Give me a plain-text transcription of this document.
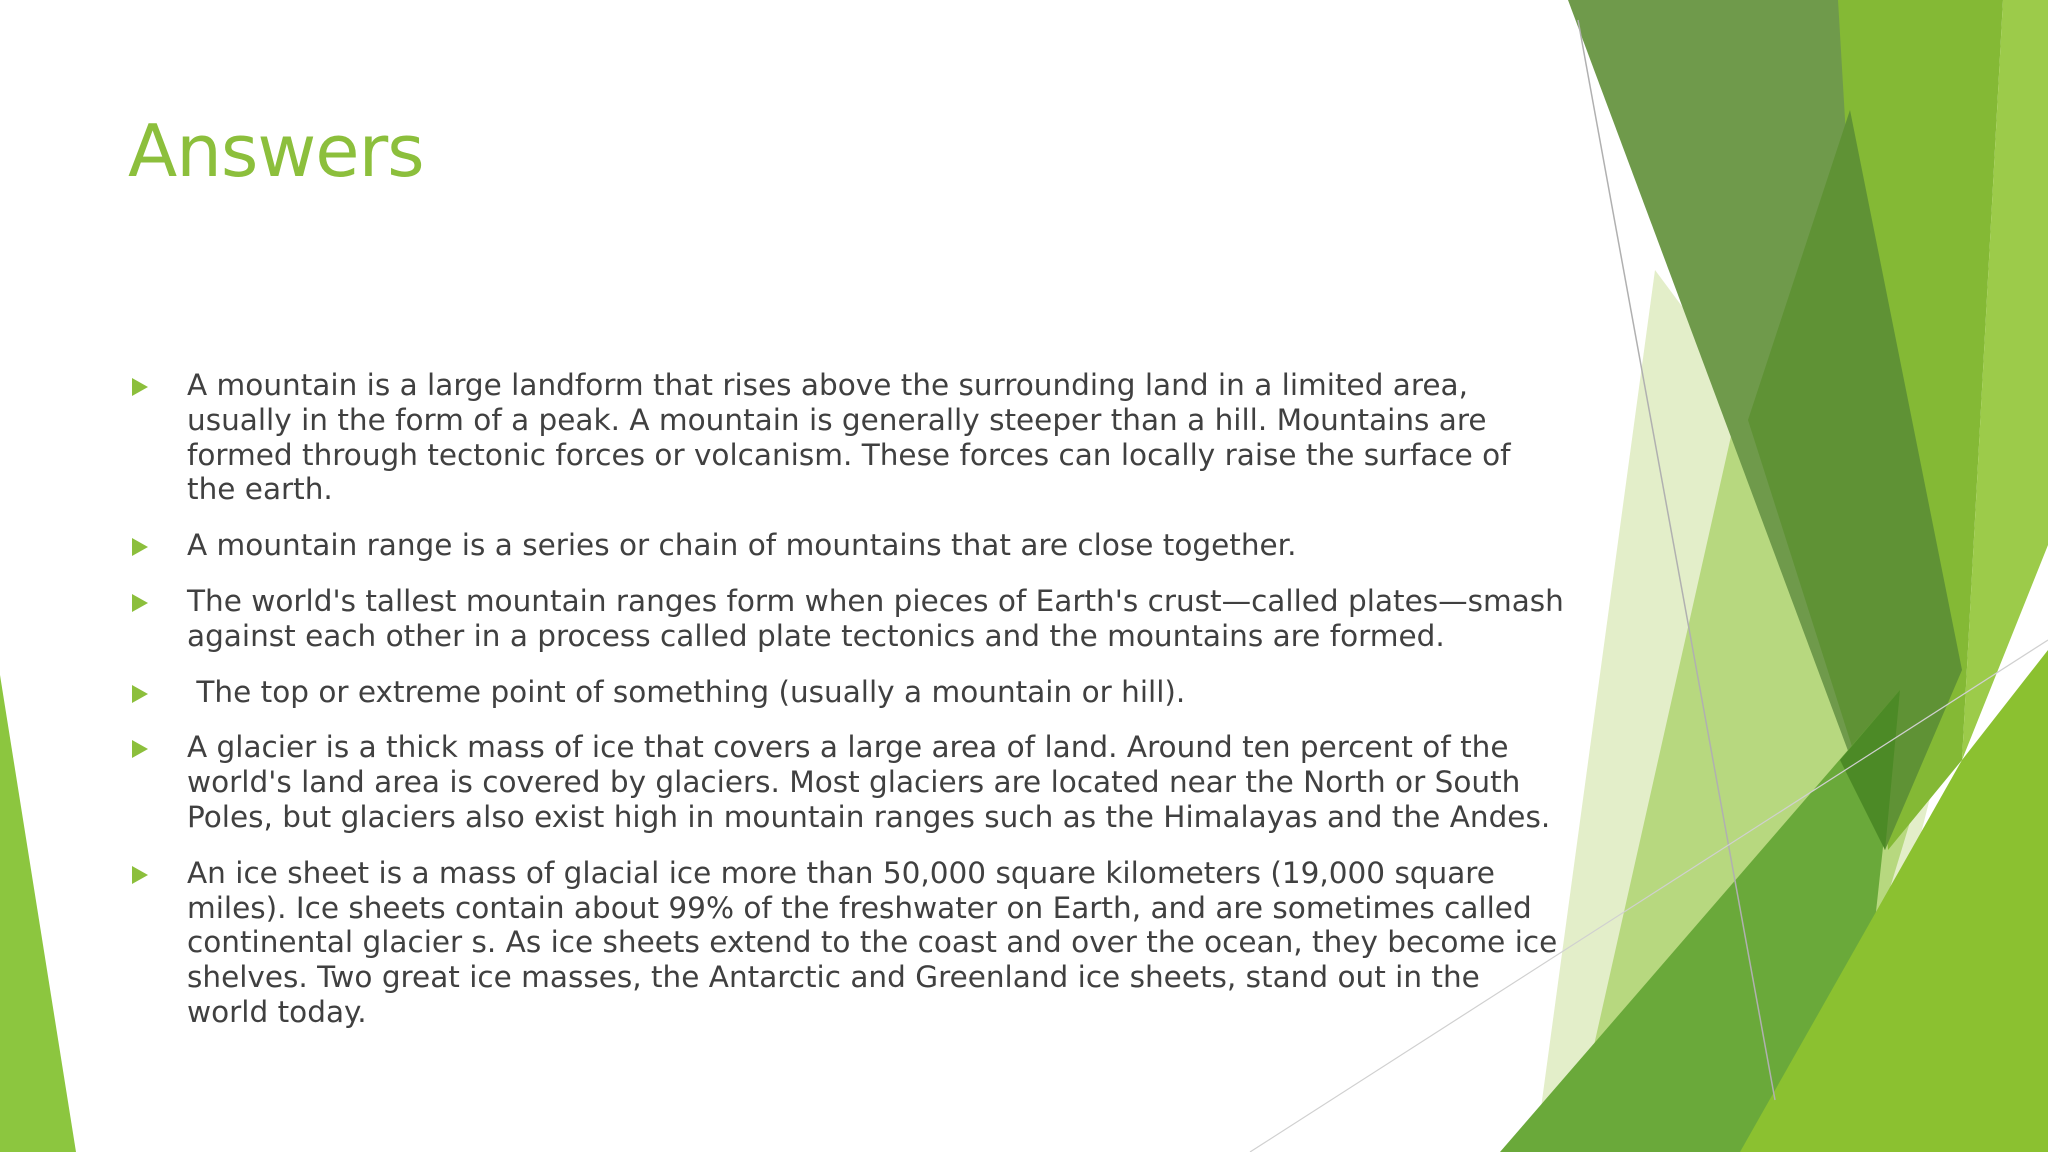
Answers
A mountain is a large landform that rises above the surrounding land in a limited area, usually in the form of a peak. A mountain is generally steeper than a hill. Mountains are formed through tectonic forces or volcanism. These forces can locally raise the surface of the earth.
A mountain range is a series or chain of mountains that are close together.
The world's tallest mountain ranges form when pieces of Earth's crust—called plates—smash against each other in a process called plate tectonics and the mountains are formed.
The top or extreme point of something (usually a mountain or hill).
A glacier is a thick mass of ice that covers a large area of land. Around ten percent of the world's land area is covered by glaciers. Most glaciers are located near the North or South Poles, but glaciers also exist high in mountain ranges such as the Himalayas and the Andes.
An ice sheet is a mass of glacial ice more than 50,000 square kilometers (19,000 square miles). Ice sheets contain about 99% of the freshwater on Earth, and are sometimes called continental glacier s. As ice sheets extend to the coast and over the ocean, they become ice shelves. Two great ice masses, the Antarctic and Greenland ice sheets, stand out in the world today.
